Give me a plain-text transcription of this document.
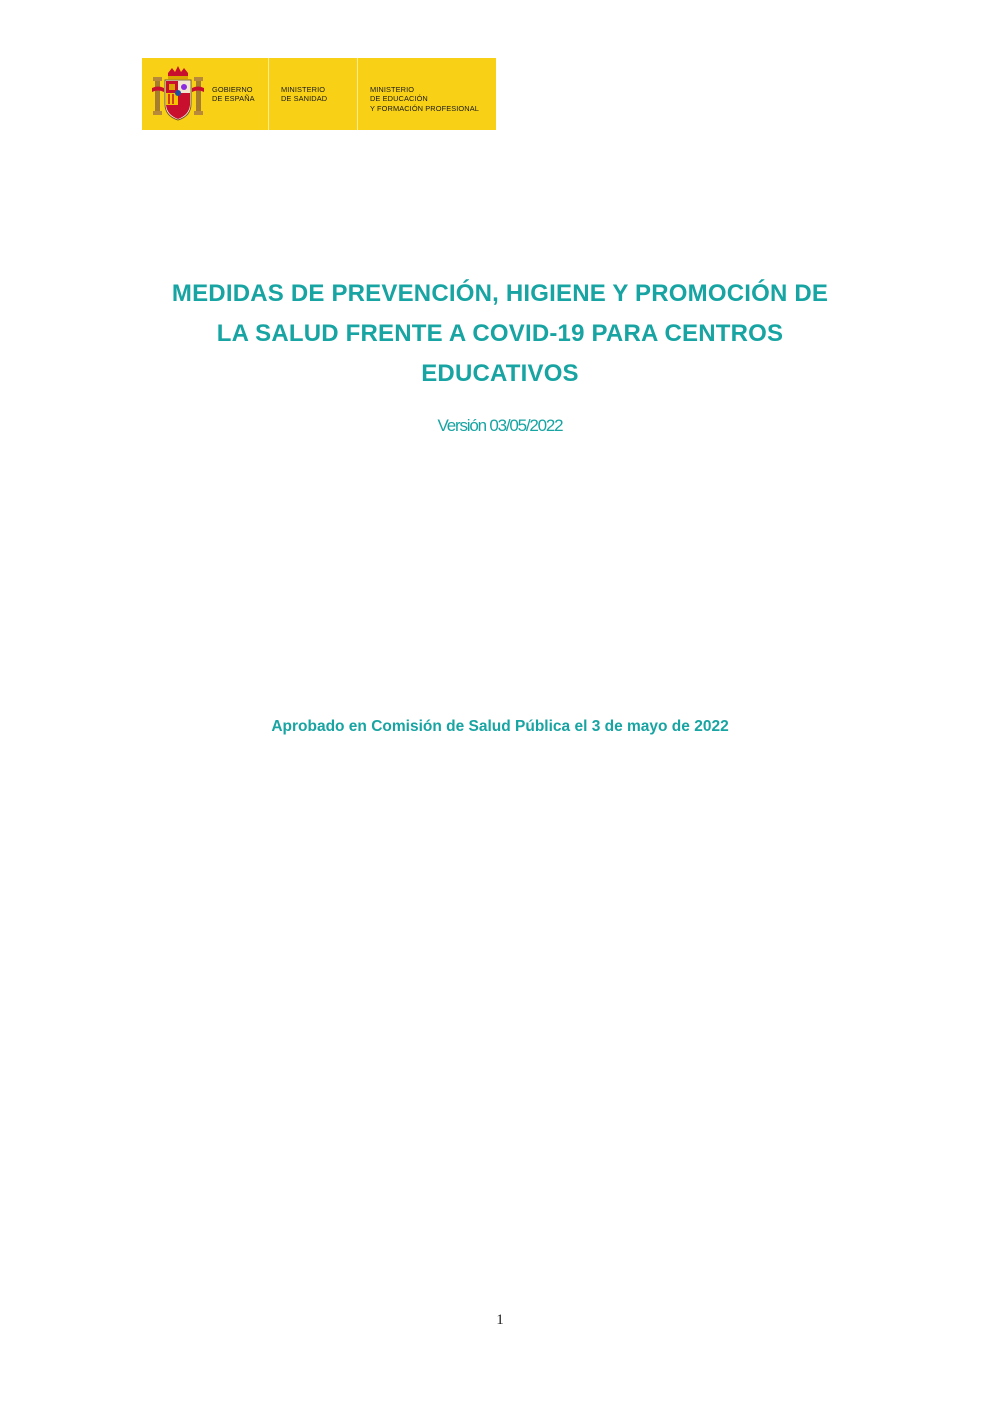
GOBIERNO
DE ESPAÑA
MINISTERIO
DE SANIDAD
MINISTERIO
DE EDUCACIÓN
Y FORMACIÓN PROFESIONAL
MEDIDAS DE PREVENCIÓN, HIGIENE Y PROMOCIÓN DE
LA SALUD FRENTE A COVID-19 PARA CENTROS
EDUCATIVOS
Versión 03/05/2022
Aprobado en Comisión de Salud Pública el 3 de mayo de 2022
1
